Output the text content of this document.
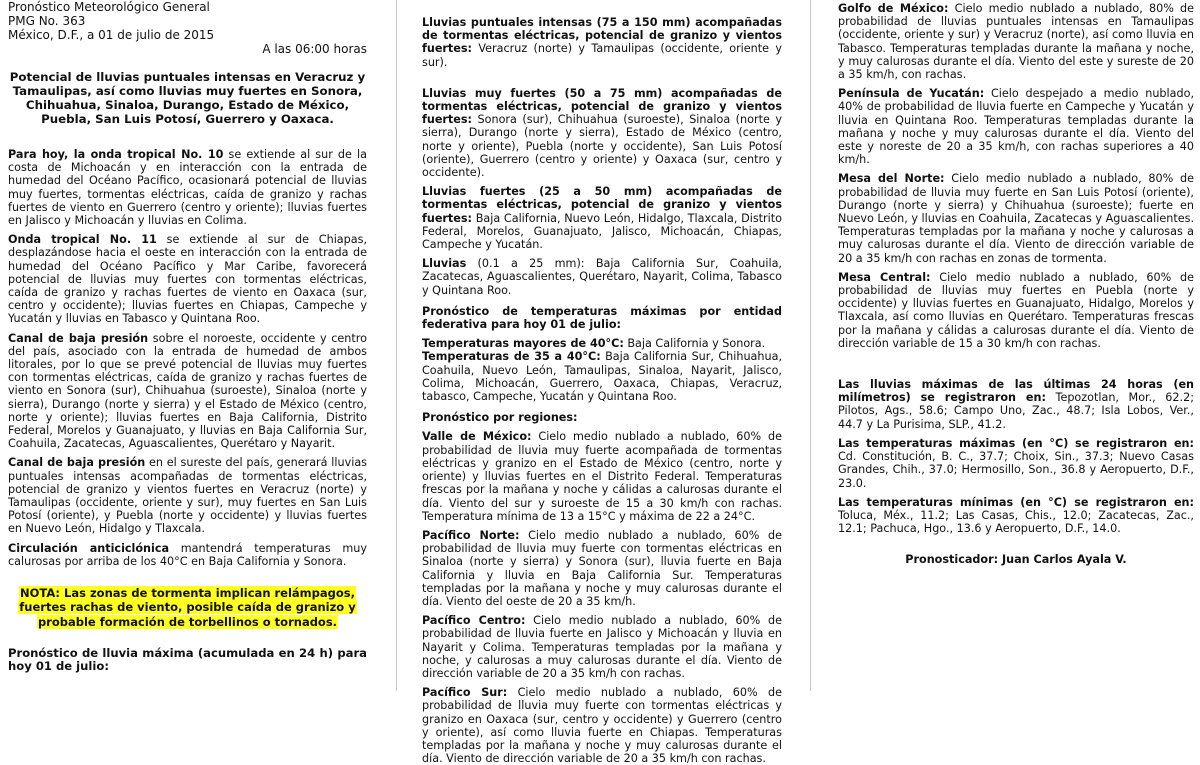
Pronóstico Meteorológico General
PMG No. 363
México, D.F., a 01 de julio de 2015
A las 06:00 horas

Potencial de lluvias puntuales intensas en Veracruz y Tamaulipas, así como lluvias muy fuertes en Sonora, Chihuahua, Sinaloa, Durango, Estado de México, Puebla, San Luis Potosí, Guerrero y Oaxaca.

Para hoy, la onda tropical No. 10 se extiende al sur de la costa de Michoacán y en interacción con la entrada de humedad del Océano Pacífico, ocasionará potencial de lluvias muy fuertes, tormentas eléctricas, caída de granizo y rachas fuertes de viento en Guerrero (centro y oriente); lluvias fuertes en Jalisco y Michoacán y lluvias en Colima.

Onda tropical No. 11 se extiende al sur de Chiapas, desplazándose hacia el oeste en interacción con la entrada de humedad del Océano Pacífico y Mar Caribe, favorecerá potencial de lluvias muy fuertes con tormentas eléctricas, caída de granizo y rachas fuertes de viento en Oaxaca (sur, centro y occidente); lluvias fuertes en Chiapas, Campeche y Yucatán y lluvias en Tabasco y Quintana Roo.

Canal de baja presión sobre el noroeste, occidente y centro del país, asociado con la entrada de humedad de ambos litorales, por lo que se prevé potencial de lluvias muy fuertes con tormentas eléctricas, caída de granizo y rachas fuertes de viento en Sonora (sur), Chihuahua (suroeste), Sinaloa (norte y sierra), Durango (norte y sierra) y el Estado de México (centro, norte y oriente); lluvias fuertes en Baja California, Distrito Federal, Morelos y Guanajuato, y lluvias en Baja California Sur, Coahuila, Zacatecas, Aguascalientes, Querétaro y Nayarit.

Canal de baja presión en el sureste del país, generará lluvias puntuales intensas acompañadas de tormentas eléctricas, potencial de granizo y vientos fuertes en Veracruz (norte) y Tamaulipas (occidente, oriente y sur), muy fuertes en San Luis Potosí (oriente), y Puebla (norte y occidente) y lluvias fuertes en Nuevo León, Hidalgo y Tlaxcala.

Circulación anticiclónica mantendrá temperaturas muy calurosas por arriba de los 40°C en Baja California y Sonora.

NOTA: Las zonas de tormenta implican relámpagos, fuertes rachas de viento, posible caída de granizo y probable formación de torbellinos o tornados.

Pronóstico de lluvia máxima (acumulada en 24 h) para hoy 01 de julio:

Lluvias puntuales intensas (75 a 150 mm) acompañadas de tormentas eléctricas, potencial de granizo y vientos fuertes: Veracruz (norte) y Tamaulipas (occidente, oriente y sur).

Lluvias muy fuertes (50 a 75 mm) acompañadas de tormentas eléctricas, potencial de granizo y vientos fuertes: Sonora (sur), Chihuahua (suroeste), Sinaloa (norte y sierra), Durango (norte y sierra), Estado de México (centro, norte y oriente), Puebla (norte y occidente), San Luis Potosí (oriente), Guerrero (centro y oriente) y Oaxaca (sur, centro y occidente).

Lluvias fuertes (25 a 50 mm) acompañadas de tormentas eléctricas, potencial de granizo y vientos fuertes: Baja California, Nuevo León, Hidalgo, Tlaxcala, Distrito Federal, Morelos, Guanajuato, Jalisco, Michoacán, Chiapas, Campeche y Yucatán.

Lluvias (0.1 a 25 mm): Baja California Sur, Coahuila, Zacatecas, Aguascalientes, Querétaro, Nayarit, Colima, Tabasco y Quintana Roo.

Pronóstico de temperaturas máximas por entidad federativa para hoy 01 de julio:

Temperaturas mayores de 40°C: Baja California y Sonora.

Temperaturas de 35 a 40°C: Baja California Sur, Chihuahua, Coahuila, Nuevo León, Tamaulipas, Sinaloa, Nayarit, Jalisco, Colima, Michoacán, Guerrero, Oaxaca, Chiapas, Veracruz, tabasco, Campeche, Yucatán y Quintana Roo.

Pronóstico por regiones:

Valle de México: Cielo medio nublado a nublado, 60% de probabilidad de lluvia muy fuerte acompañada de tormentas eléctricas y granizo en el Estado de México (centro, norte y oriente) y lluvias fuertes en el Distrito Federal. Temperaturas frescas por la mañana y noche y cálidas a calurosas durante el día. Viento del sur y suroeste de 15 a 30 km/h con rachas. Temperatura mínima de 13 a 15°C y máxima de 22 a 24°C.

Pacífico Norte: Cielo medio nublado a nublado, 60% de probabilidad de lluvia muy fuerte con tormentas eléctricas en Sinaloa (norte y sierra) y Sonora (sur), lluvia fuerte en Baja California y lluvia en Baja California Sur. Temperaturas templadas por la mañana y noche y muy calurosas durante el día. Viento del oeste de 20 a 35 km/h.

Pacífico Centro: Cielo medio nublado a nublado, 60% de probabilidad de lluvia fuerte en Jalisco y Michoacán y lluvia en Nayarit y Colima. Temperaturas templadas por la mañana y noche, y calurosas a muy calurosas durante el día. Viento de dirección variable de 20 a 35 km/h con rachas.

Pacífico Sur: Cielo medio nublado a nublado, 60% de probabilidad de lluvia muy fuerte con tormentas eléctricas y granizo en Oaxaca (sur, centro y occidente) y Guerrero (centro y oriente), así como lluvia fuerte en Chiapas. Temperaturas templadas por la mañana y noche y muy calurosas durante el día. Viento de dirección variable de 20 a 35 km/h con rachas.

Golfo de México: Cielo medio nublado a nublado, 80% de probabilidad de lluvias puntuales intensas en Tamaulipas (occidente, oriente y sur) y Veracruz (norte), así como lluvia en Tabasco. Temperaturas templadas durante la mañana y noche, y muy calurosas durante el día. Viento del este y sureste de 20 a 35 km/h, con rachas.

Península de Yucatán: Cielo despejado a medio nublado, 40% de probabilidad de lluvia fuerte en Campeche y Yucatán y lluvia en Quintana Roo. Temperaturas templadas durante la mañana y noche y muy calurosas durante el día. Viento del este y noreste de 20 a 35 km/h, con rachas superiores a 40 km/h.

Mesa del Norte: Cielo medio nublado a nublado, 80% de probabilidad de lluvia muy fuerte en San Luis Potosí (oriente), Durango (norte y sierra) y Chihuahua (suroeste); fuerte en Nuevo León, y lluvias en Coahuila, Zacatecas y Aguascalientes. Temperaturas templadas por la mañana y noche y calurosas a muy calurosas durante el día. Viento de dirección variable de 20 a 35 km/h con rachas en zonas de tormenta.

Mesa Central: Cielo medio nublado a nublado, 60% de probabilidad de lluvias muy fuertes en Puebla (norte y occidente) y lluvias fuertes en Guanajuato, Hidalgo, Morelos y Tlaxcala, así como lluvias en Querétaro. Temperaturas frescas por la mañana y cálidas a calurosas durante el día. Viento de dirección variable de 15 a 30 km/h con rachas.

Las lluvias máximas de las últimas 24 horas (en milímetros) se registraron en: Tepozotlan, Mor., 62.2; Pilotos, Ags., 58.6; Campo Uno, Zac., 48.7; Isla Lobos, Ver., 44.7 y La Purisima, SLP., 41.2.

Las temperaturas máximas (en °C) se registraron en: Cd. Constitución, B. C., 37.7; Choix, Sin., 37.3; Nuevo Casas Grandes, Chih., 37.0; Hermosillo, Son., 36.8 y Aeropuerto, D.F., 23.0.

Las temperaturas mínimas (en °C) se registraron en: Toluca, Méx., 11.2; Las Casas, Chis., 12.0; Zacatecas, Zac., 12.1; Pachuca, Hgo., 13.6 y Aeropuerto, D.F., 14.0.

Pronosticador: Juan Carlos Ayala V.
